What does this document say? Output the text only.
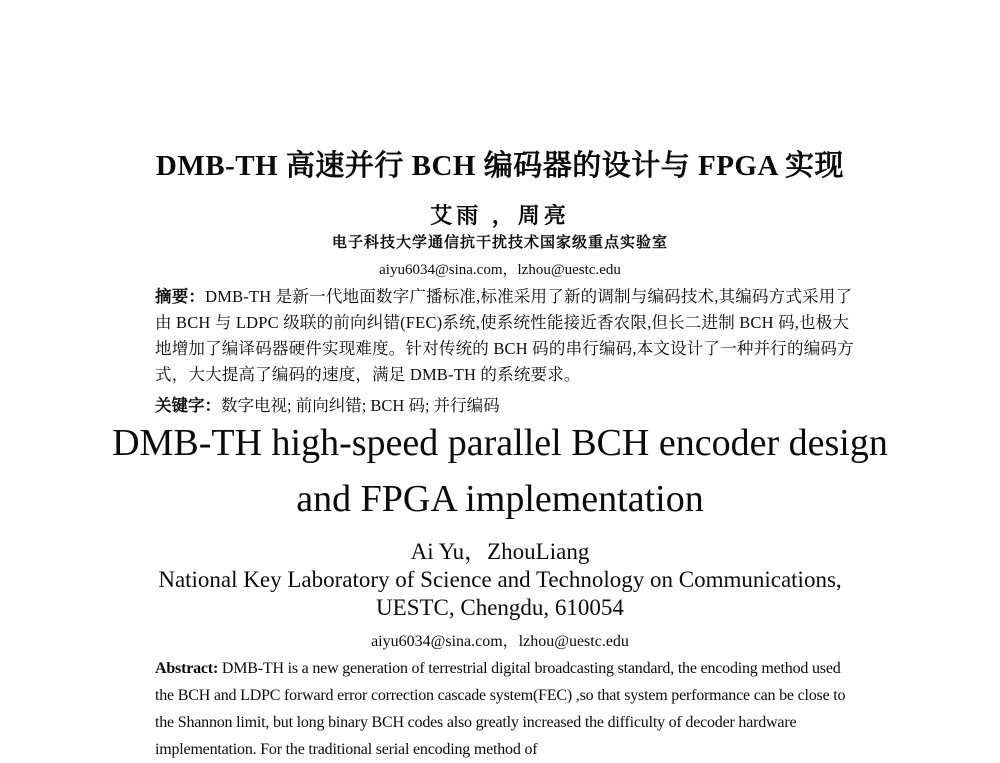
DMB-TH 高速并行 BCH 编码器的设计与 FPGA 实现
艾雨 ，周亮
电子科技大学通信抗干扰技术国家级重点实验室
aiyu6034@sina.com，lzhou@uestc.edu
摘要：DMB-TH 是新一代地面数字广播标准,标准采用了新的调制与编码技术,其编码方式采用了由 BCH 与 LDPC 级联的前向纠错(FEC)系统,使系统性能接近香农限,但长二进制 BCH 码,也极大地增加了编译码器硬件实现难度。针对传统的 BCH 码的串行编码,本文设计了一种并行的编码方式，大大提高了编码的速度，满足 DMB-TH 的系统要求。
关键字：数字电视; 前向纠错; BCH 码; 并行编码
DMB-TH high-speed parallel BCH encoder design
and FPGA implementation
Ai Yu，ZhouLiang
National Key Laboratory of Science and Technology on Communications,
UESTC, Chengdu, 610054
aiyu6034@sina.com，lzhou@uestc.edu
Abstract: DMB-TH is a new generation of terrestrial digital broadcasting standard, the encoding method used the BCH and LDPC forward error correction cascade system(FEC) ,so that system performance can be close to the Shannon limit, but long binary BCH codes also greatly increased the difficulty of decoder hardware implementation. For the traditional serial encoding method of
